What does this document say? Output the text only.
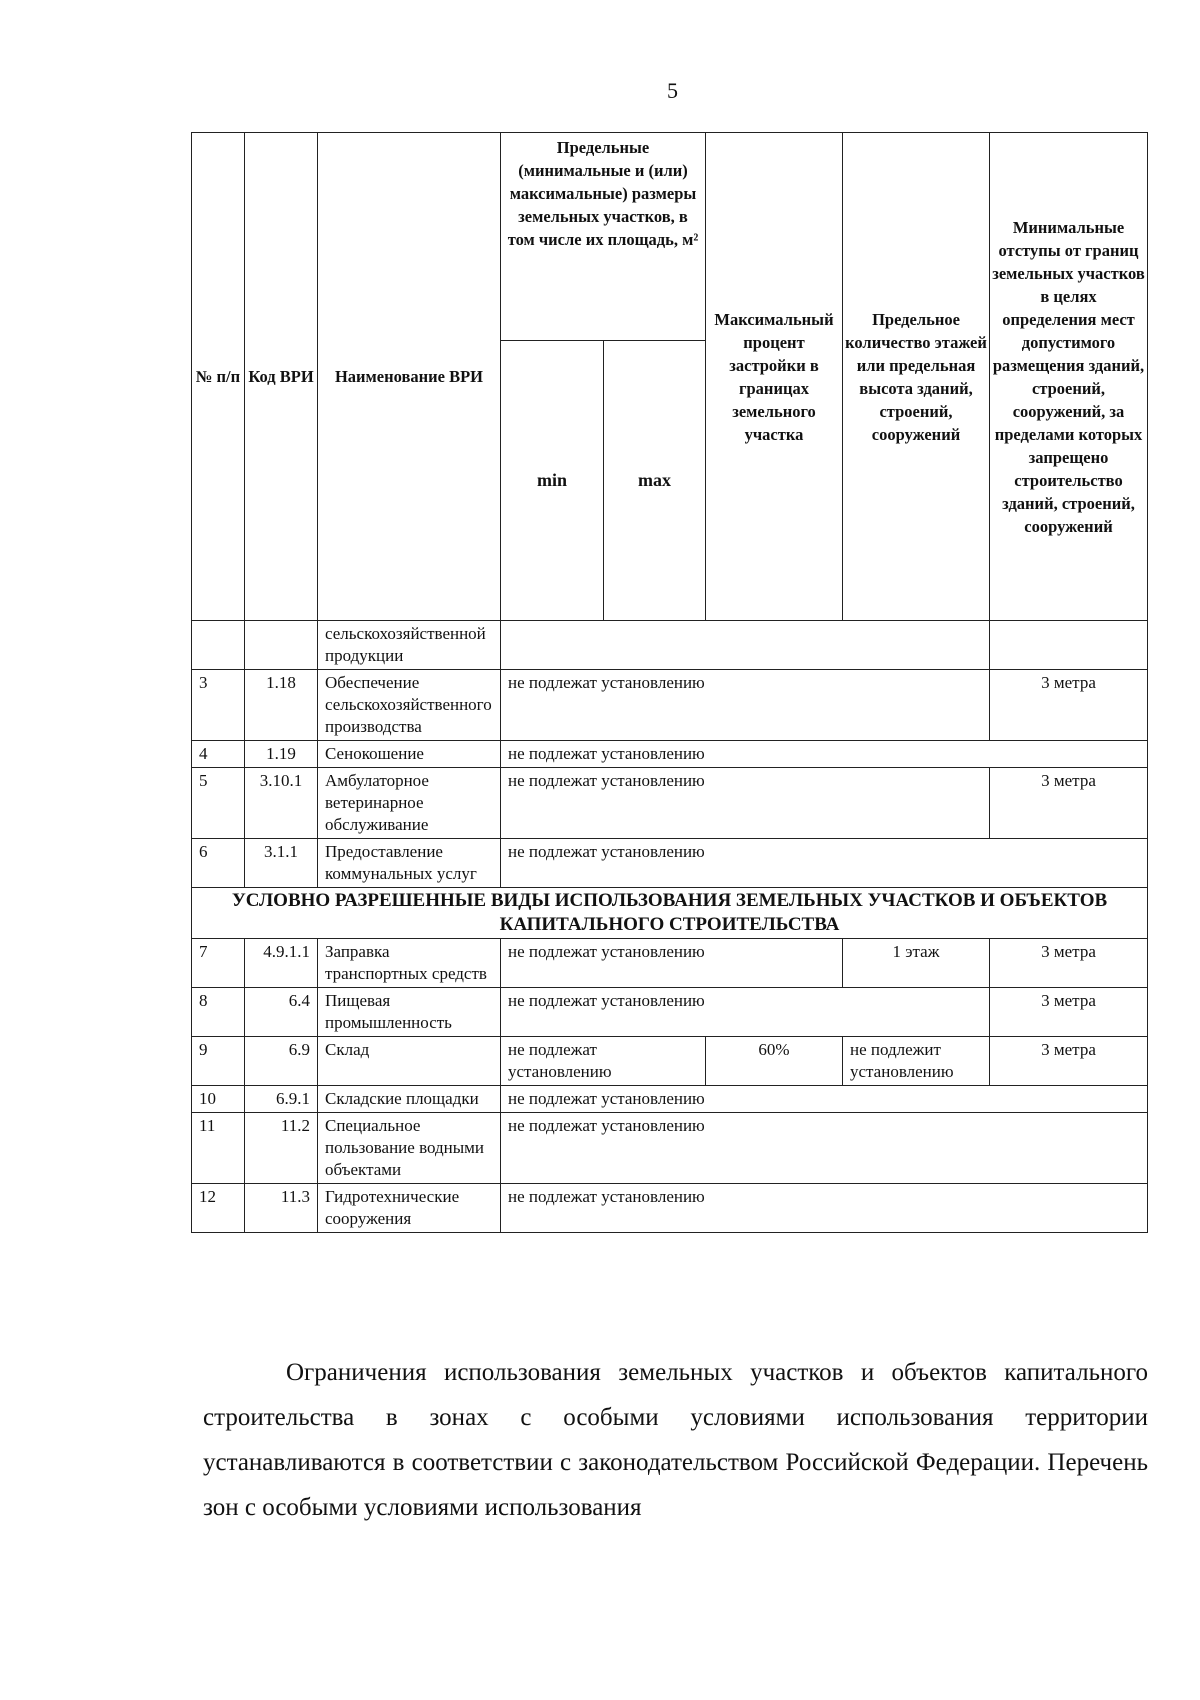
5
№ п/п	Код ВРИ	Наименование ВРИ	Предельные (минимальные и (или) максимальные) размеры земельных участков, в том числе их площадь, м²		Максимальный процент застройки в границах земельного участка	Предельное количество этажей или предельная высота зданий, строений, сооружений	Минимальные отступы от границ земельных участков в целях определения мест допустимого размещения зданий, строений, сооружений, за пределами которых запрещено строительство зданий, строений, сооружений
			min	max			
		сельскохозяйственной продукции					
3	1.18	Обеспечение сельскохозяйственного производства	не подлежат установлению				3 метра
4	1.19	Сенокошение	не подлежат установлению				
5	3.10.1	Амбулаторное ветеринарное обслуживание	не подлежат установлению				3 метра
6	3.1.1	Предоставление коммунальных услуг	не подлежат установлению				
УСЛОВНО РАЗРЕШЕННЫЕ ВИДЫ ИСПОЛЬЗОВАНИЯ ЗЕМЕЛЬНЫХ УЧАСТКОВ И ОБЪЕКТОВ КАПИТАЛЬНОГО СТРОИТЕЛЬСТВА							
7	4.9.1.1	Заправка транспортных средств	не подлежат установлению			1 этаж	3 метра
8	6.4	Пищевая промышленность	не подлежат установлению				3 метра
9	6.9	Склад	не подлежат установлению		60%	не подлежит установлению	3 метра
10	6.9.1	Складские площадки	не подлежат установлению				
11	11.2	Специальное пользование водными объектами	не подлежат установлению				
12	11.3	Гидротехнические сооружения	не подлежат установлению				

Ограничения использования земельных участков и объектов капитального строительства в зонах с особыми условиями использования территории устанавливаются в соответствии с законодательством Российской Федерации. Перечень зон с особыми условиями использования
